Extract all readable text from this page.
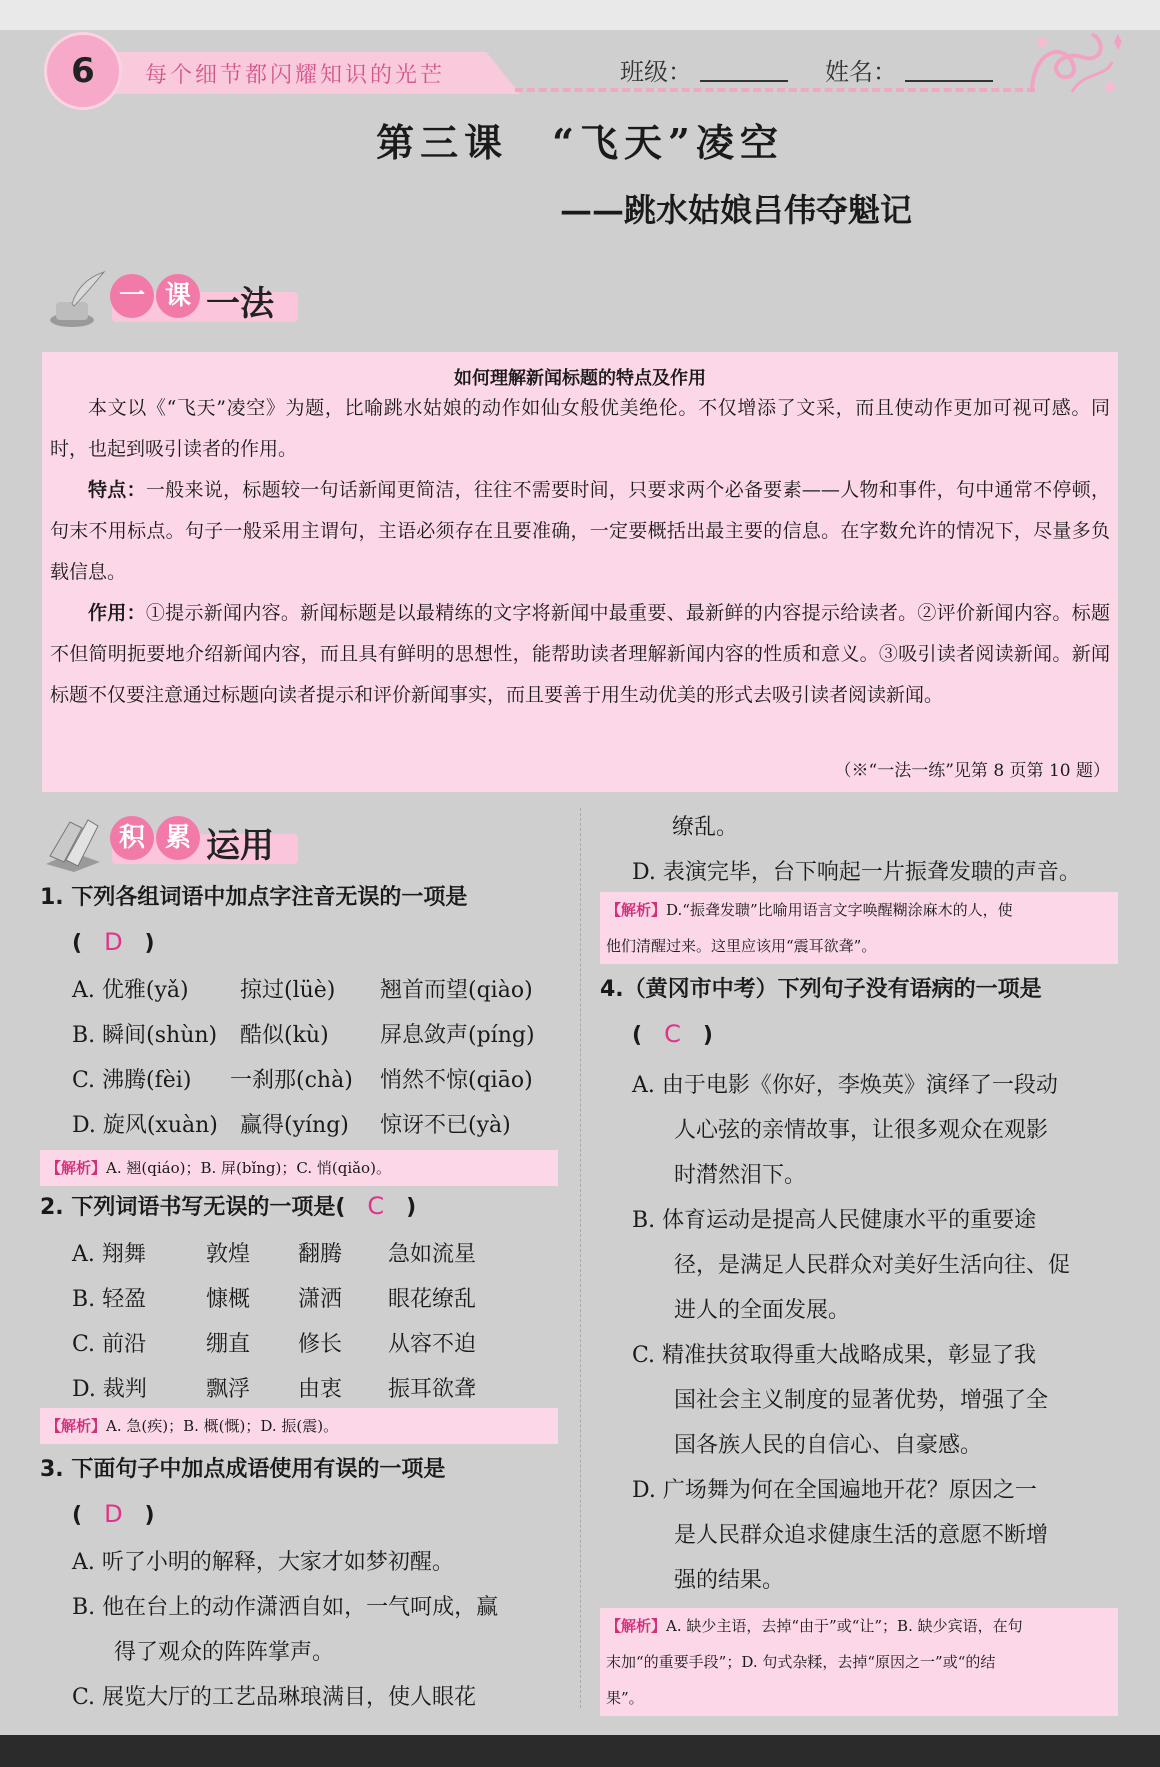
6	每个细节都闪耀知识的光芒	班级：	姓名：
第三课　“飞天”凌空
——跳水姑娘吕伟夺魁记
一 课 一法
如何理解新闻标题的特点及作用
本文以《“飞天”凌空》为题，比喻跳水姑娘的动作如仙女般优美绝伦。不仅增添了文采，而且使动作更加可视可感。同时，也起到吸引读者的作用。
特点：一般来说，标题较一句话新闻更简洁，往往不需要时间，只要求两个必备要素——人物和事件，句中通常不停顿，句末不用标点。句子一般采用主谓句，主语必须存在且要准确，一定要概括出最主要的信息。在字数允许的情况下，尽量多负载信息。
作用：①提示新闻内容。新闻标题是以最精练的文字将新闻中最重要、最新鲜的内容提示给读者。②评价新闻内容。标题不但简明扼要地介绍新闻内容，而且具有鲜明的思想性，能帮助读者理解新闻内容的性质和意义。③吸引读者阅读新闻。新闻标题不仅要注意通过标题向读者提示和评价新闻事实，而且要善于用生动优美的形式去吸引读者阅读新闻。
（※“一法一练”见第 8 页第 10 题）
积 累 运用
1. 下列各组词语中加点字注音无误的一项是
(　D　)
A. 优雅(yǎ) 掠过(lüè) 翘首而望(qiào)
B. 瞬间(shùn) 酷似(kù) 屏息敛声(píng)
C. 沸腾(fèi) 一刹那(chà) 悄然不惊(qiāo)
D. 旋风(xuàn) 赢得(yíng) 惊讶不已(yà)
【解析】A. 翘(qiáo)；B. 屏(bǐng)；C. 悄(qiǎo)。
2. 下列词语书写无误的一项是(　 C　)
A. 翔舞	敦煌 翻腾 急如流星
B. 轻盈	慷概 潇洒 眼花缭乱
C. 前沿	绷直 修长 从容不迫
D. 裁判	飘浮 由衷 振耳欲聋
【解析】A. 急(疾)；B. 概(慨)；D. 振(震)。
3. 下面句子中加点成语使用有误的一项是
(　D　)
A. 听了小明的解释，大家才如梦初醒。
B. 他在台上的动作潇洒自如，一气呵成，赢
得了观众的阵阵掌声。
C. 展览大厅的工艺品琳琅满目，使人眼花
缭乱。
D. 表演完毕，台下响起一片振聋发聩的声音。
【解析】D.“振聋发聩”比喻用语言文字唤醒糊涂麻木的人，使
他们清醒过来。这里应该用“震耳欲聋”。
4.（黄冈市中考）下列句子没有语病的一项是
(　C　)
A. 由于电影《你好，李焕英》演绎了一段动
人心弦的亲情故事，让很多观众在观影
时潸然泪下。
B. 体育运动是提高人民健康水平的重要途
径，是满足人民群众对美好生活向往、促
进人的全面发展。
C. 精准扶贫取得重大战略成果，彰显了我
国社会主义制度的显著优势，增强了全
国各族人民的自信心、自豪感。
D. 广场舞为何在全国遍地开花？原因之一
是人民群众追求健康生活的意愿不断增
强的结果。
【解析】A. 缺少主语，去掉“由于”或“让”；B. 缺少宾语，在句
末加“的重要手段”；D. 句式杂糅，去掉“原因之一”或“的结
果”。
